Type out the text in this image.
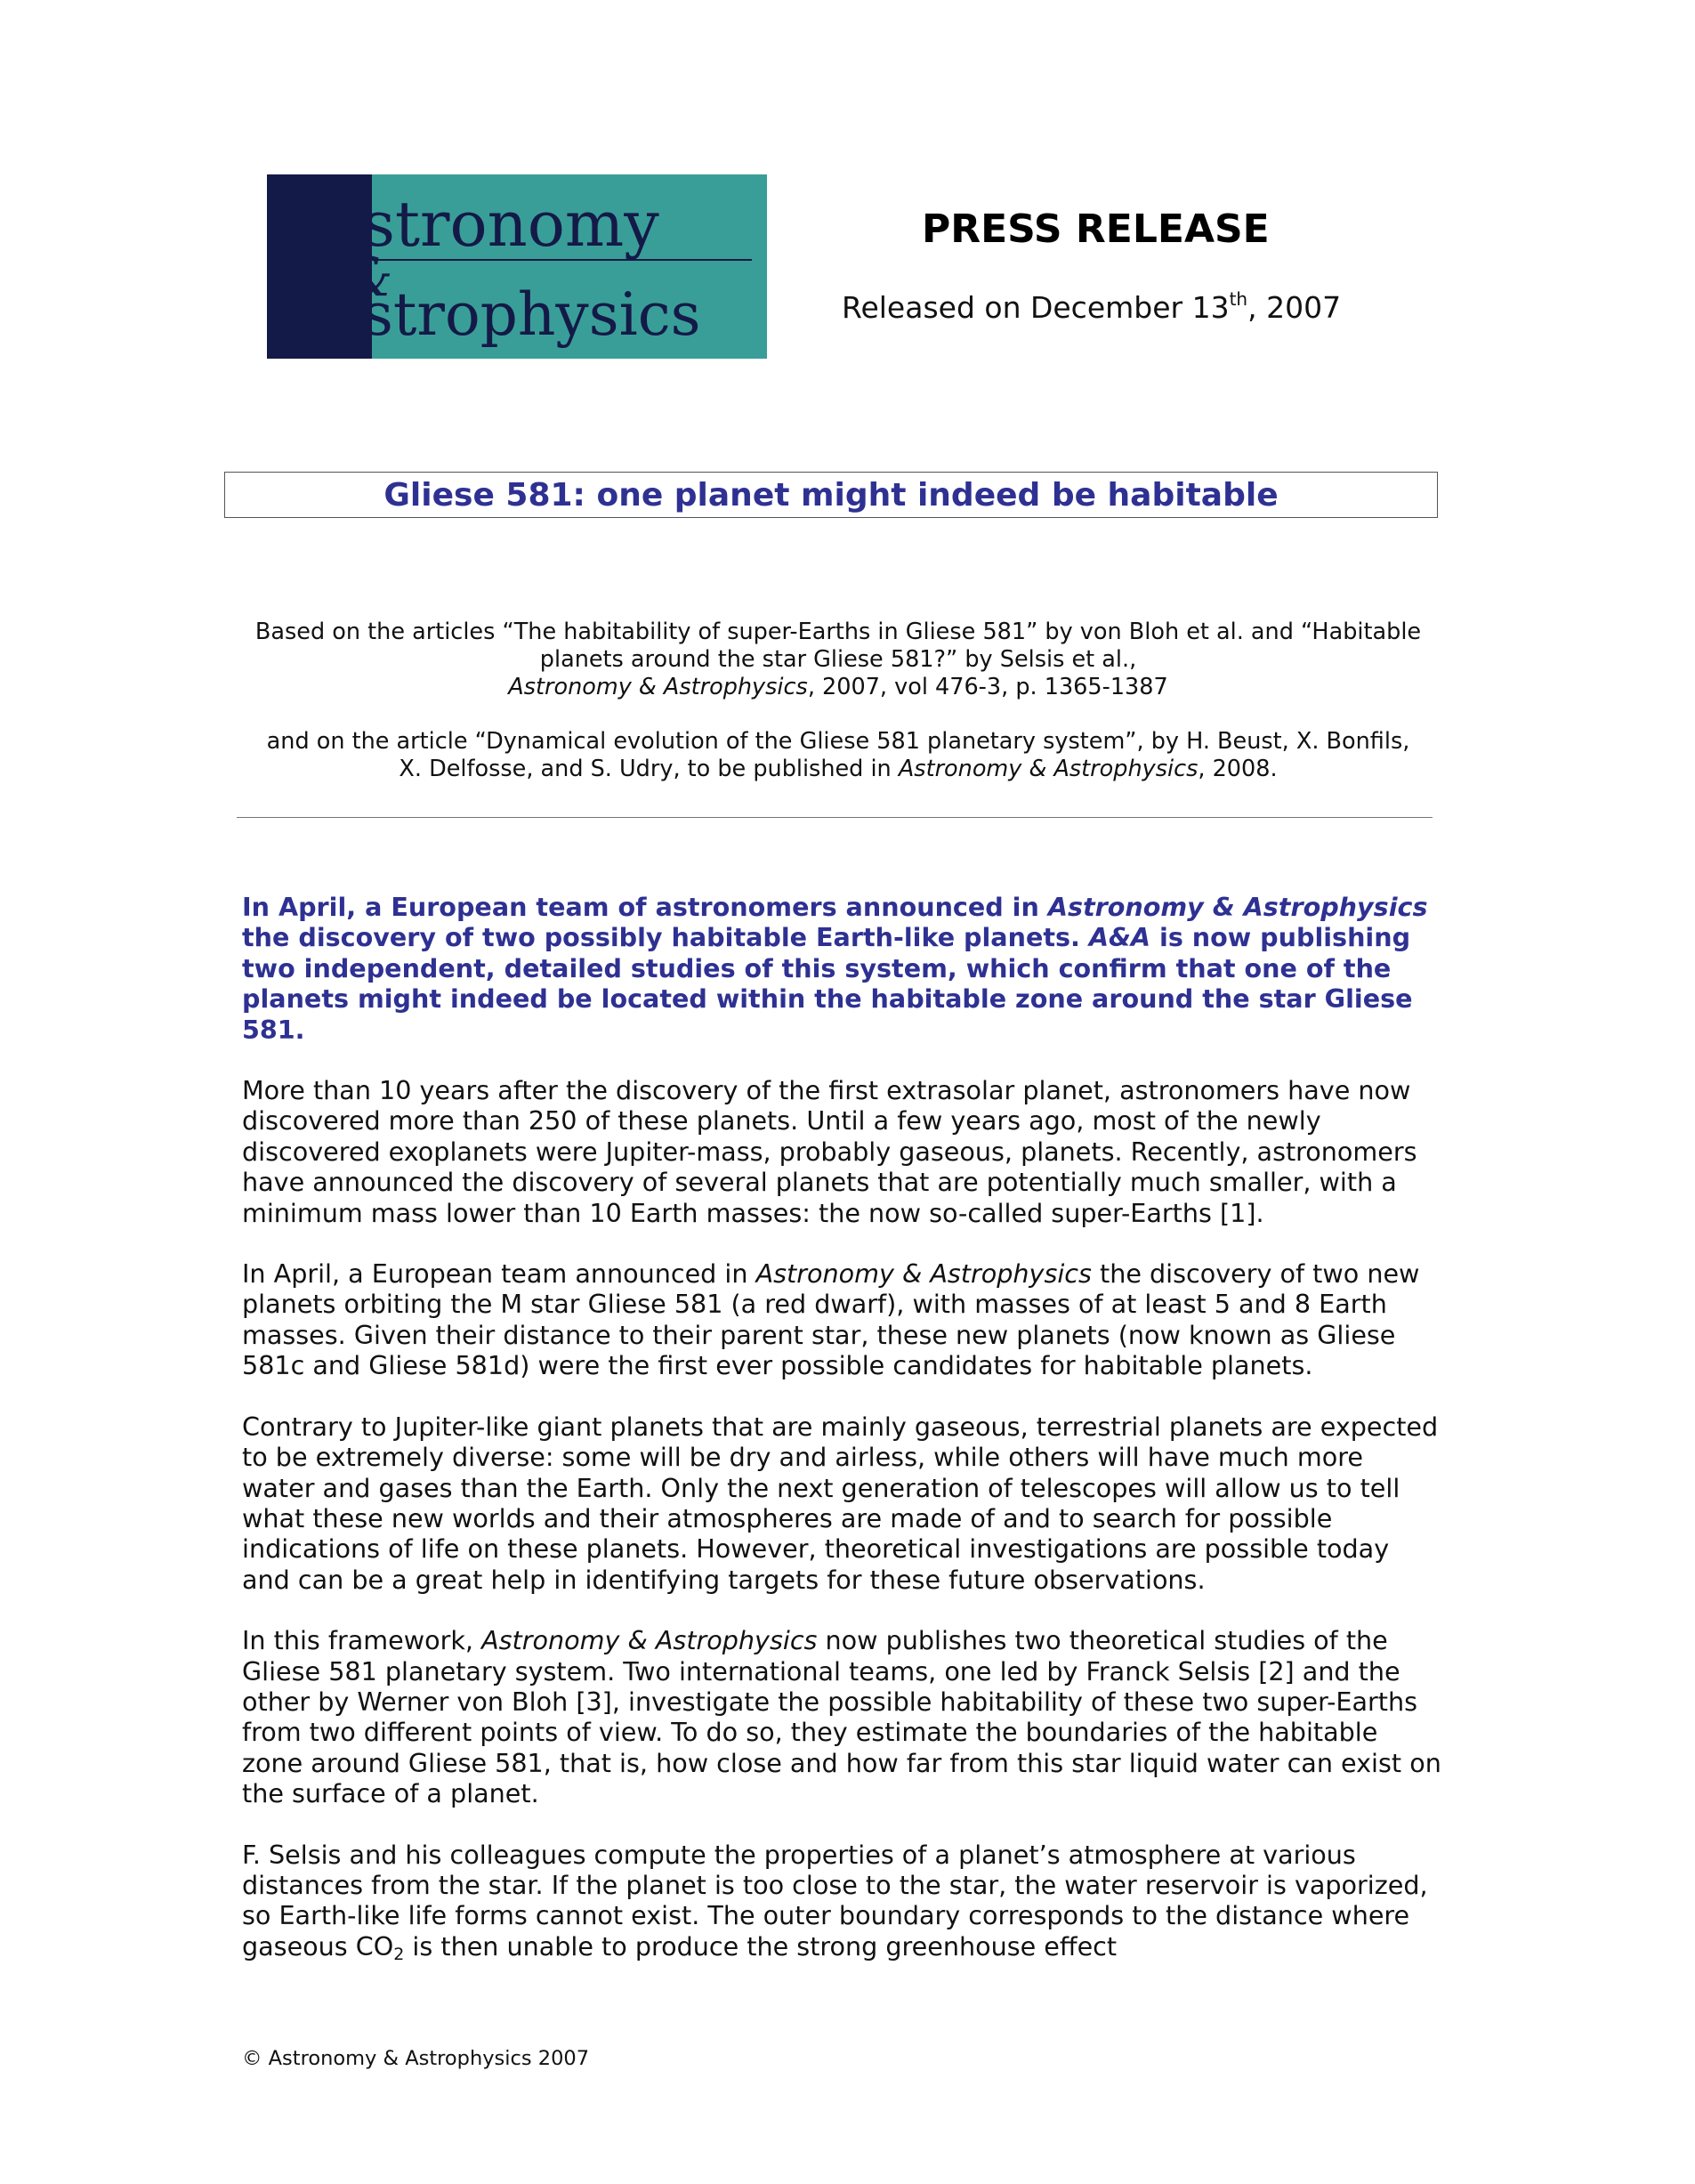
A
stronomy
&
A
strophysics
PRESS RELEASE

Released on December 13th, 2007

Gliese 581: one planet might indeed be habitable

Based on the articles “The habitability of super-Earths in Gliese 581” by von Bloh et al. and “Habitable

planets around the star Gliese 581?” by Selsis et al.,

Astronomy & Astrophysics, 2007, vol 476-3, p. 1365-1387

and on the article “Dynamical evolution of the Gliese 581 planetary system”, by H. Beust, X. Bonfils,

X. Delfosse, and S. Udry, to be published in Astronomy & Astrophysics, 2008.

In April, a European team of astronomers announced in Astronomy & Astrophysics the discovery of two possibly habitable Earth-like planets. A&A is now publishing two independent, detailed studies of this system, which confirm that one of the planets might indeed be located within the habitable zone around the star Gliese 581.

More than 10 years after the discovery of the first extrasolar planet, astronomers have now discovered more than 250 of these planets. Until a few years ago, most of the newly discovered exoplanets were Jupiter-mass, probably gaseous, planets. Recently, astronomers have announced the discovery of several planets that are potentially much smaller, with a minimum mass lower than 10 Earth masses: the now so-called super-Earths [1].

In April, a European team announced in Astronomy & Astrophysics the discovery of two new planets orbiting the M star Gliese 581 (a red dwarf), with masses of at least 5 and 8 Earth masses. Given their distance to their parent star, these new planets (now known as Gliese 581c and Gliese 581d) were the first ever possible candidates for habitable planets.

Contrary to Jupiter-like giant planets that are mainly gaseous, terrestrial planets are expected to be extremely diverse: some will be dry and airless, while others will have much more water and gases than the Earth. Only the next generation of telescopes will allow us to tell what these new worlds and their atmospheres are made of and to search for possible indications of life on these planets. However, theoretical investigations are possible today and can be a great help in identifying targets for these future observations.

In this framework, Astronomy & Astrophysics now publishes two theoretical studies of the Gliese 581 planetary system. Two international teams, one led by Franck Selsis [2] and the other by Werner von Bloh [3], investigate the possible habitability of these two super-Earths from two different points of view. To do so, they estimate the boundaries of the habitable zone around Gliese 581, that is, how close and how far from this star liquid water can exist on the surface of a planet.

F. Selsis and his colleagues compute the properties of a planet’s atmosphere at various distances from the star. If the planet is too close to the star, the water reservoir is vaporized, so Earth-like life forms cannot exist. The outer boundary corresponds to the distance where gaseous $CO_2$ is then unable to produce the strong greenhouse effect

© Astronomy & Astrophysics 2007
